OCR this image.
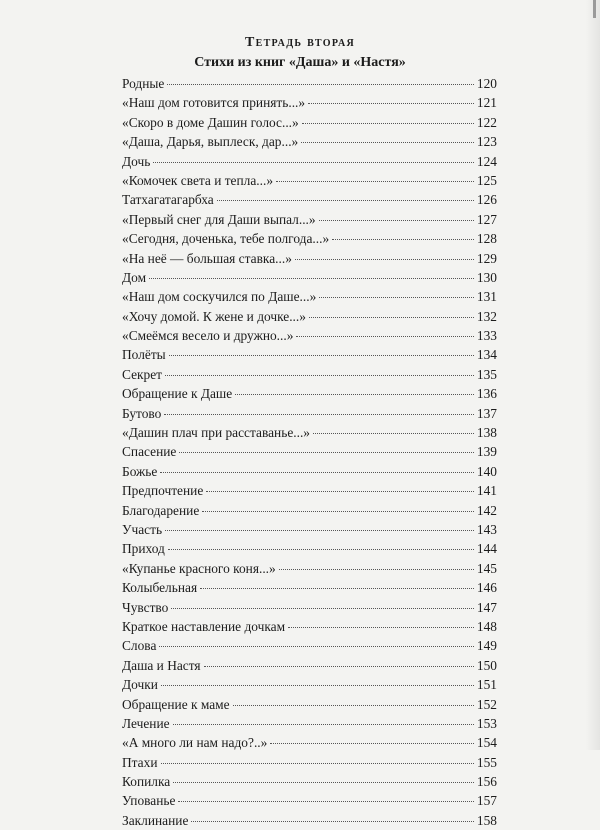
Тетрадь вторая
Стихи из книг «Даша» и «Настя»
Родные	120
«Наш дом готовится принять...»	121
«Скоро в доме Дашин голос...»	122
«Даша, Дарья, выплеск, дар...»	123
Дочь	124
«Комочек света и тепла...»	125
Татхагатагарбха	126
«Первый снег для Даши выпал...»	127
«Сегодня, доченька, тебе полгода...»	128
«На неё — большая ставка...»	129
Дом	130
«Наш дом соскучился по Даше...»	131
«Хочу домой. К жене и дочке...»	132
«Смеёмся весело и дружно...»	133
Полёты	134
Секрет	135
Обращение к Даше	136
Бутово	137
«Дашин плач при расставанье...»	138
Спасение	139
Божье	140
Предпочтение	141
Благодарение	142
Участь	143
Приход	144
«Купанье красного коня...»	145
Колыбельная	146
Чувство	147
Краткое наставление дочкам	148
Слова	149
Даша и Настя	150
Дочки	151
Обращение к маме	152
Лечение	153
«А много ли нам надо?..»	154
Птахи	155
Копилка	156
Упованье	157
Заклинание	158
